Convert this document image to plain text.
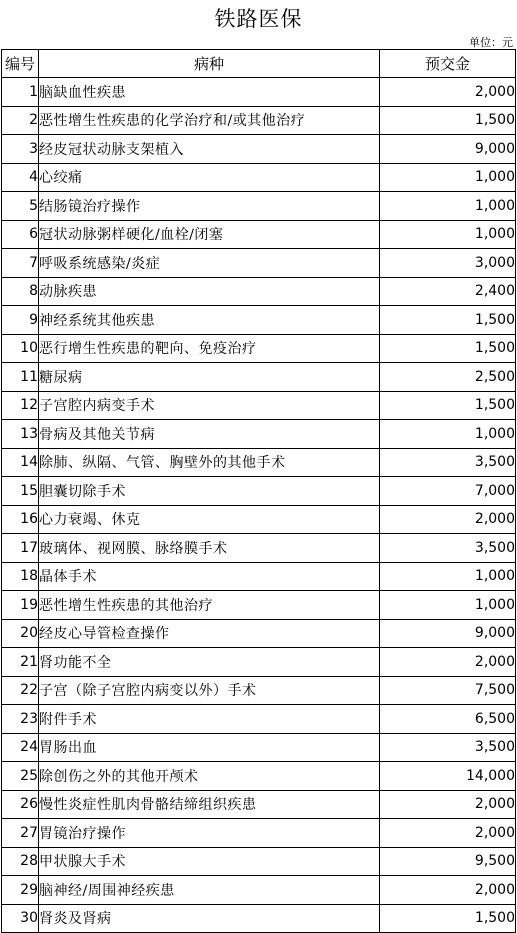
铁路医保
单位：元
编号	病种	预交金
1	脑缺血性疾患	2,000
2	恶性增生性疾患的化学治疗和/或其他治疗	1,500
3	经皮冠状动脉支架植入	9,000
4	心绞痛	1,000
5	结肠镜治疗操作	1,000
6	冠状动脉粥样硬化/血栓/闭塞	1,000
7	呼吸系统感染/炎症	3,000
8	动脉疾患	2,400
9	神经系统其他疾患	1,500
10	恶行增生性疾患的靶向、免疫治疗	1,500
11	糖尿病	2,500
12	子宫腔内病变手术	1,500
13	骨病及其他关节病	1,000
14	除肺、纵隔、气管、胸壁外的其他手术	3,500
15	胆囊切除手术	7,000
16	心力衰竭、休克	2,000
17	玻璃体、视网膜、脉络膜手术	3,500
18	晶体手术	1,000
19	恶性增生性疾患的其他治疗	1,000
20	经皮心导管检查操作	9,000
21	肾功能不全	2,000
22	子宫（除子宫腔内病变以外）手术	7,500
23	附件手术	6,500
24	胃肠出血	3,500
25	除创伤之外的其他开颅术	14,000
26	慢性炎症性肌肉骨骼结缔组织疾患	2,000
27	胃镜治疗操作	2,000
28	甲状腺大手术	9,500
29	脑神经/周围神经疾患	2,000
30	肾炎及肾病	1,500
